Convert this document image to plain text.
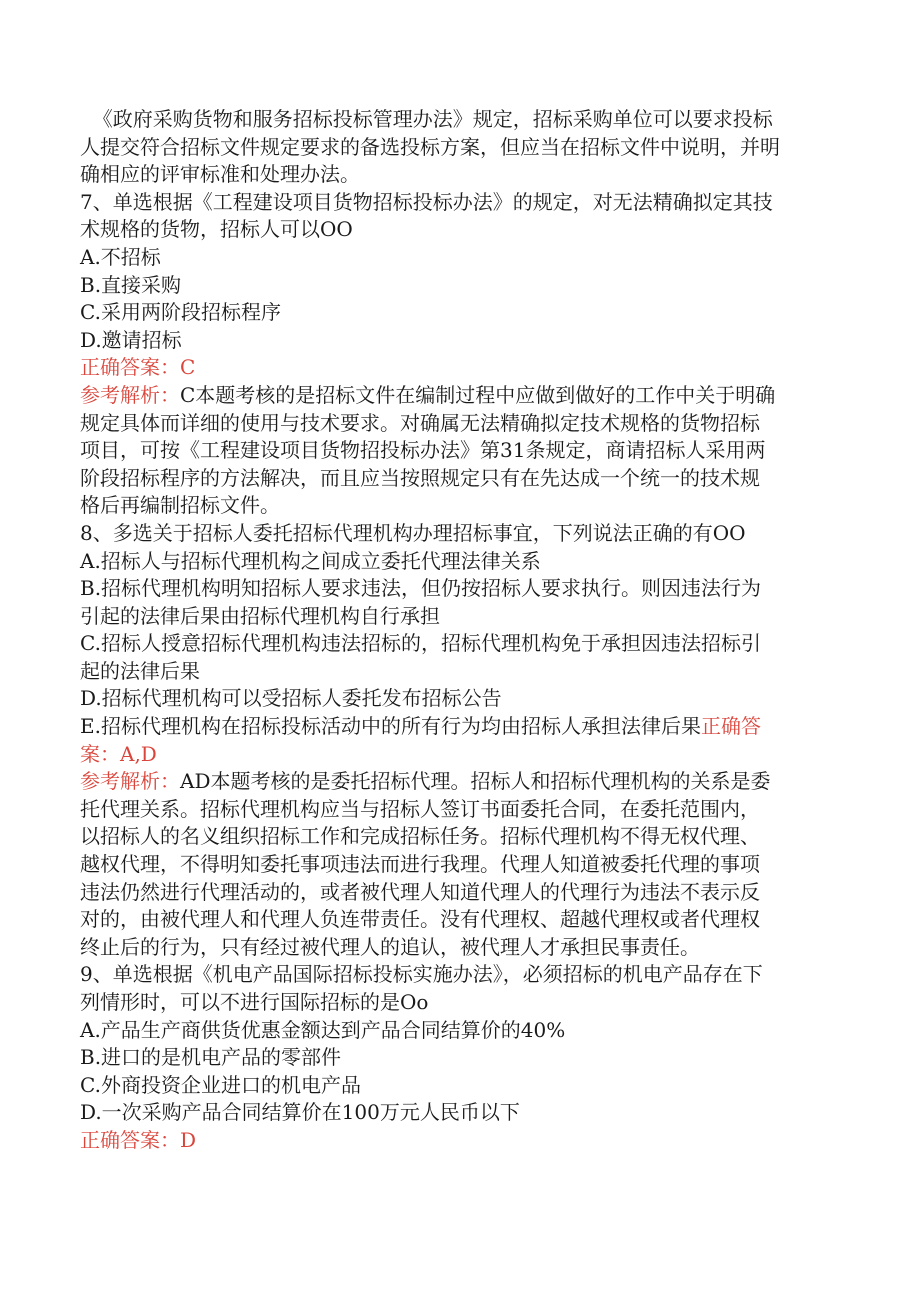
《政府采购货物和服务招标投标管理办法》规定，招标采购单位可以要求投标
人提交符合招标文件规定要求的备选投标方案，但应当在招标文件中说明，并明
确相应的评审标准和处理办法。
7、单选根据《工程建设项目货物招标投标办法》的规定，对无法精确拟定其技
术规格的货物，招标人可以OO
A.不招标
B.直接采购
C.采用两阶段招标程序
D.邀请招标
正确答案：C
参考解析：C本题考核的是招标文件在编制过程中应做到做好的工作中关于明确
规定具体而详细的使用与技术要求。对确属无法精确拟定技术规格的货物招标
项目，可按《工程建设项目货物招投标办法》第31条规定，商请招标人采用两
阶段招标程序的方法解决，而且应当按照规定只有在先达成一个统一的技术规
格后再编制招标文件。
8、多选关于招标人委托招标代理机构办理招标事宜，下列说法正确的有OO
A.招标人与招标代理机构之间成立委托代理法律关系
B.招标代理机构明知招标人要求违法，但仍按招标人要求执行。则因违法行为
引起的法律后果由招标代理机构自行承担
C.招标人授意招标代理机构违法招标的，招标代理机构免于承担因违法招标引
起的法律后果
D.招标代理机构可以受招标人委托发布招标公告
E.招标代理机构在招标投标活动中的所有行为均由招标人承担法律后果正确答
案：A,D
参考解析：AD本题考核的是委托招标代理。招标人和招标代理机构的关系是委
托代理关系。招标代理机构应当与招标人签订书面委托合同，在委托范围内，
以招标人的名义组织招标工作和完成招标任务。招标代理机构不得无权代理、
越权代理，不得明知委托事项违法而进行我理。代理人知道被委托代理的事项
违法仍然进行代理活动的，或者被代理人知道代理人的代理行为违法不表示反
对的，由被代理人和代理人负连带责任。没有代理权、超越代理权或者代理权
终止后的行为，只有经过被代理人的追认，被代理人才承担民事责任。
9、单选根据《机电产品国际招标投标实施办法》，必须招标的机电产品存在下
列情形时，可以不进行国际招标的是Oo
A.产品生产商供货优惠金额达到产品合同结算价的40%
B.进口的是机电产品的零部件
C.外商投资企业进口的机电产品
D.一次采购产品合同结算价在100万元人民币以下
正确答案：D
